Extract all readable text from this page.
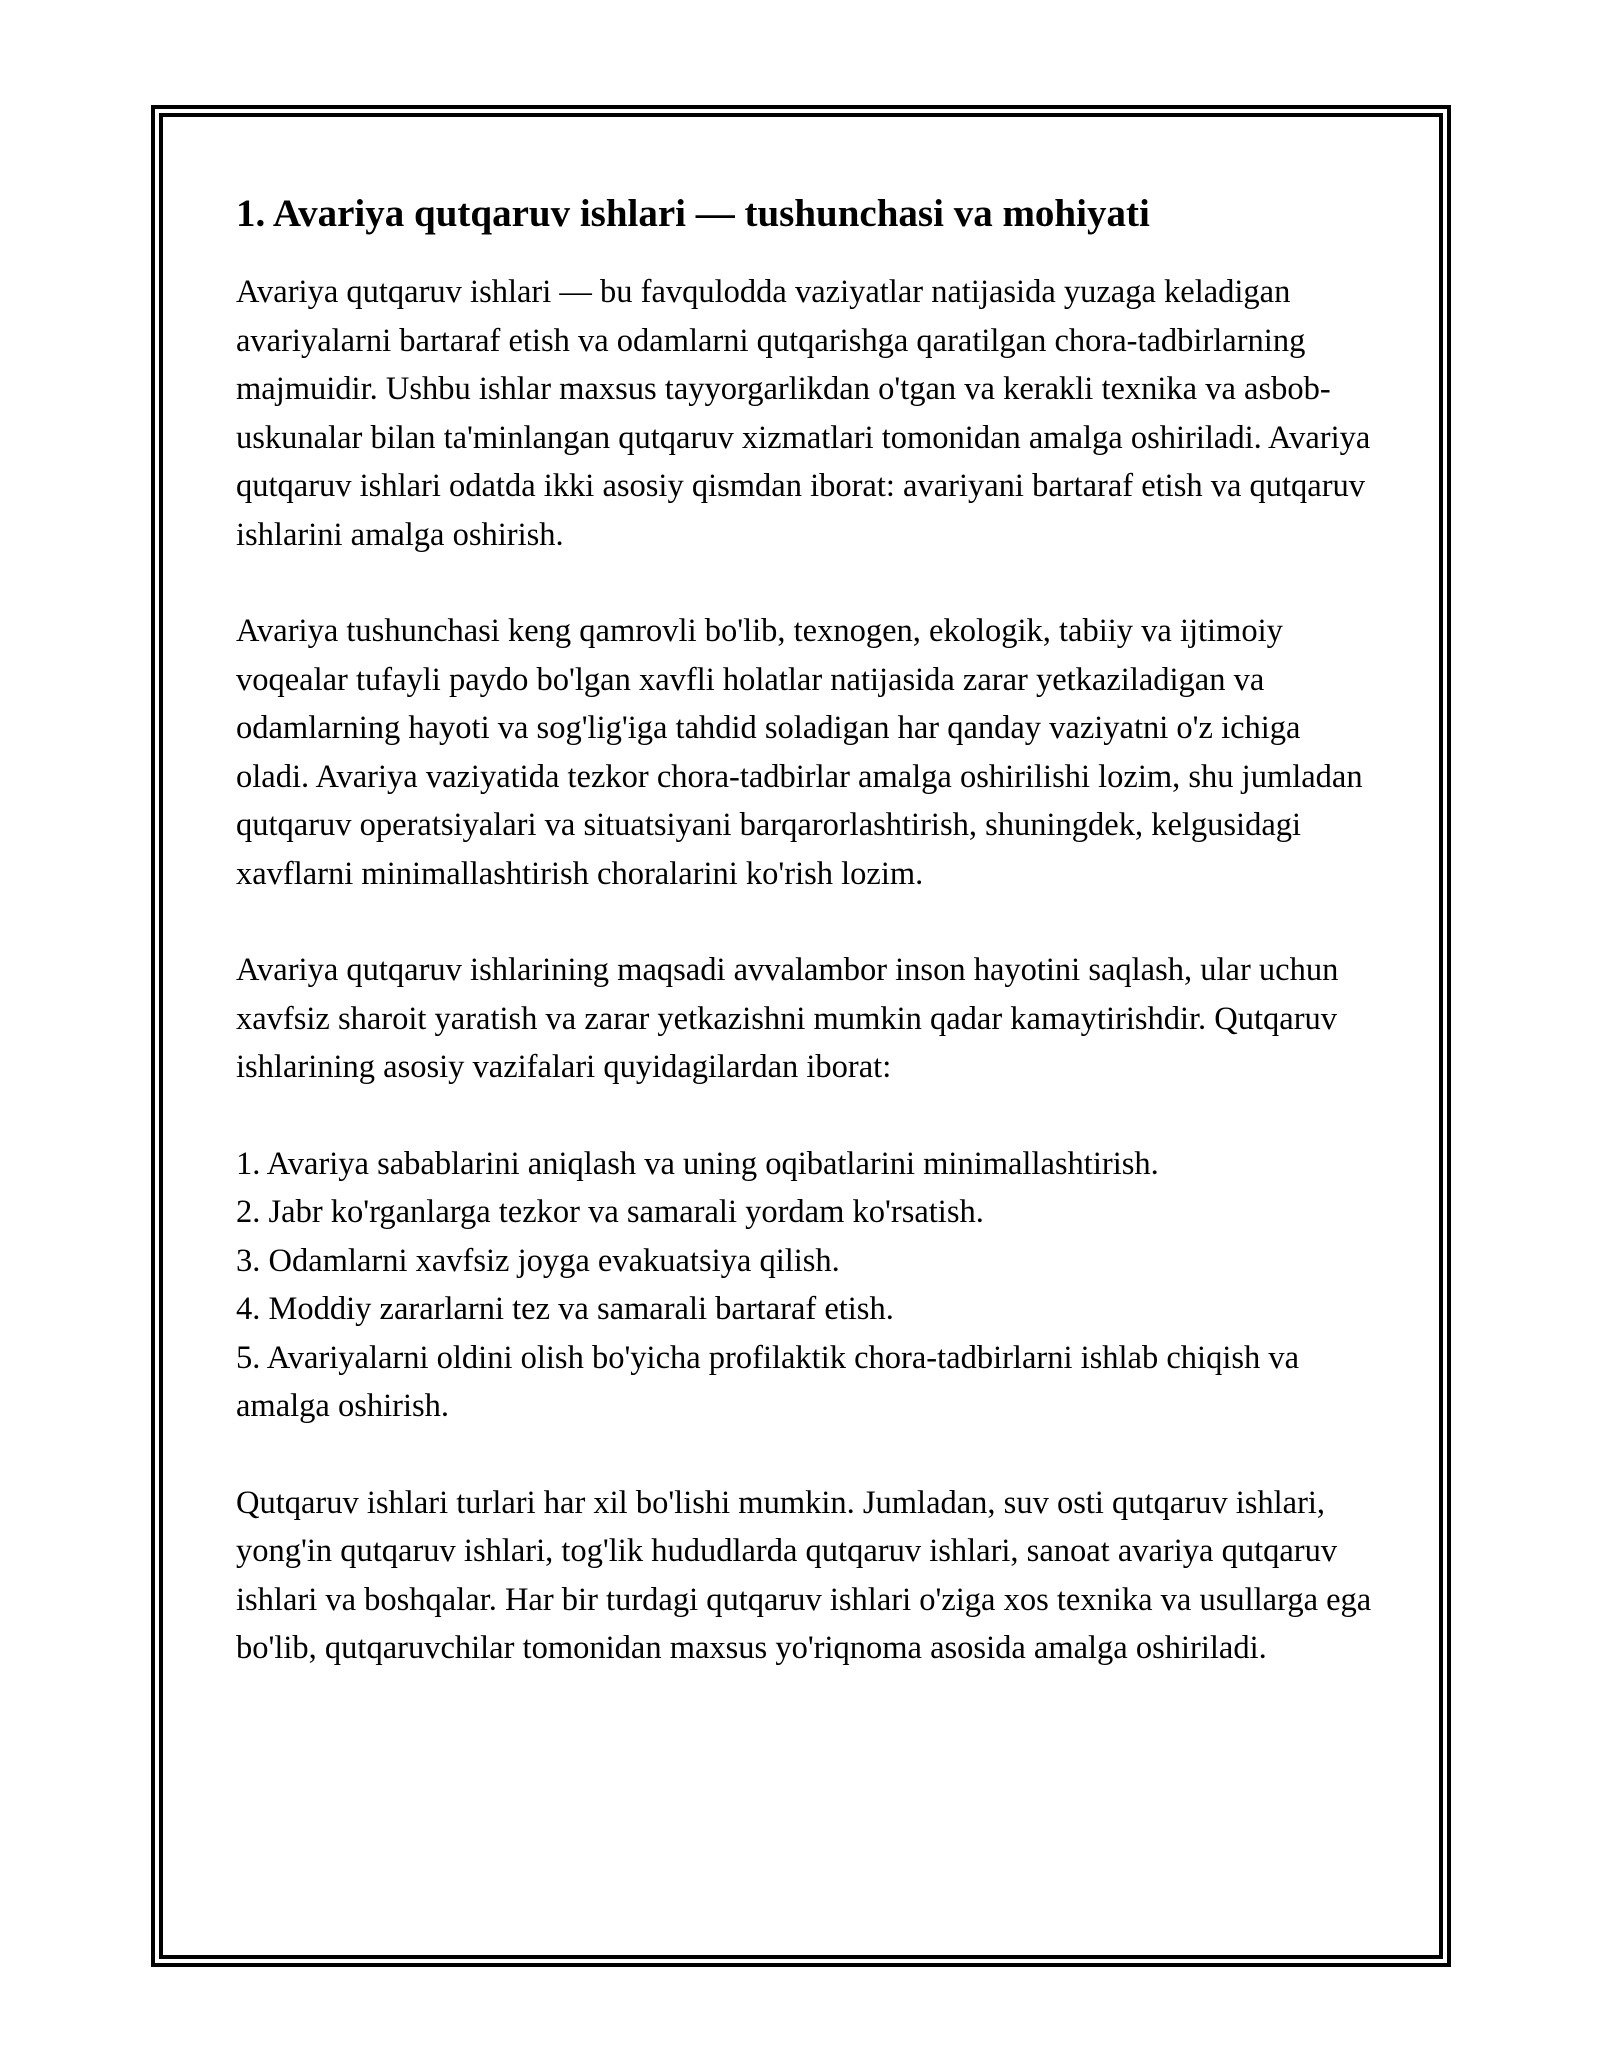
1. Avariya qutqaruv ishlari — tushunchasi va mohiyati

Avariya qutqaruv ishlari — bu favqulodda vaziyatlar natijasida yuzaga keladigan avariyalarni bartaraf etish va odamlarni qutqarishga qaratilgan chora-tadbirlarning majmuidir. Ushbu ishlar maxsus tayyorgarlikdan o'tgan va kerakli texnika va asbob-uskunalar bilan ta'minlangan qutqaruv xizmatlari tomonidan amalga oshiriladi. Avariya qutqaruv ishlari odatda ikki asosiy qismdan iborat: avariyani bartaraf etish va qutqaruv ishlarini amalga oshirish.

Avariya tushunchasi keng qamrovli bo'lib, texnogen, ekologik, tabiiy va ijtimoiy voqealar tufayli paydo bo'lgan xavfli holatlar natijasida zarar yetkaziladigan va odamlarning hayoti va sog'lig'iga tahdid soladigan har qanday vaziyatni o'z ichiga oladi. Avariya vaziyatida tezkor chora-tadbirlar amalga oshirilishi lozim, shu jumladan qutqaruv operatsiyalari va situatsiyani barqarorlashtirish, shuningdek, kelgusidagi xavflarni minimallashtirish choralarini ko'rish lozim.

Avariya qutqaruv ishlarining maqsadi avvalambor inson hayotini saqlash, ular uchun xavfsiz sharoit yaratish va zarar yetkazishni mumkin qadar kamaytirishdir. Qutqaruv ishlarining asosiy vazifalari quyidagilardan iborat:

1. Avariya sabablarini aniqlash va uning oqibatlarini minimallashtirish.
2. Jabr ko'rganlarga tezkor va samarali yordam ko'rsatish.
3. Odamlarni xavfsiz joyga evakuatsiya qilish.
4. Moddiy zararlarni tez va samarali bartaraf etish.
5. Avariyalarni oldini olish bo'yicha profilaktik chora-tadbirlarni ishlab chiqish va amalga oshirish.

Qutqaruv ishlari turlari har xil bo'lishi mumkin. Jumladan, suv osti qutqaruv ishlari, yong'in qutqaruv ishlari, tog'lik hududlarda qutqaruv ishlari, sanoat avariya qutqaruv ishlari va boshqalar. Har bir turdagi qutqaruv ishlari o'ziga xos texnika va usullarga ega bo'lib, qutqaruvchilar tomonidan maxsus yo'riqnoma asosida amalga oshiriladi.
